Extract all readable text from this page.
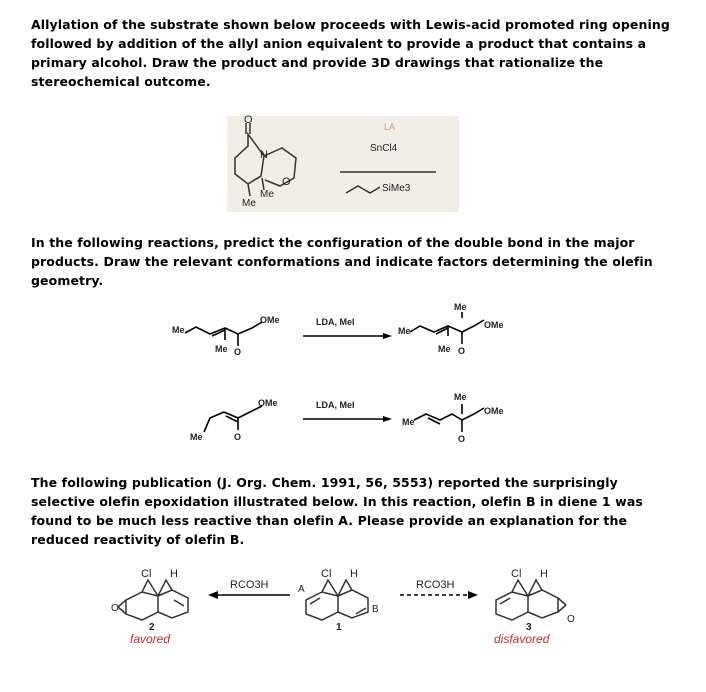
Allylation of the substrate shown below proceeds with Lewis-acid promoted ring opening followed by addition of the allyl anion equivalent to provide a product that contains a primary alcohol. Draw the product and provide 3D drawings that rationalize the stereochemical outcome.

O
N
O
Me
Me
LA
SnCl4
SiMe3
Me
Me
OMe
O
LDA, MeI
Me
Me
Me
OMe
O
Me
OMe
O
LDA, MeI
Me
Me
OMe
O
O
Cl H
2
favored
RCO3H	A
B
Cl H
1
RCO3H
O
Cl H
3
disfavored

In the following reactions, predict the configuration of the double bond in the major products. Draw the relevant conformations and indicate factors determining the olefin geometry.

The following publication (J. Org. Chem. 1991, 56, 5553) reported the surprisingly selective olefin epoxidation illustrated below. In this reaction, olefin B in diene 1 was found to be much less reactive than olefin A. Please provide an explanation for the reduced reactivity of olefin B.
